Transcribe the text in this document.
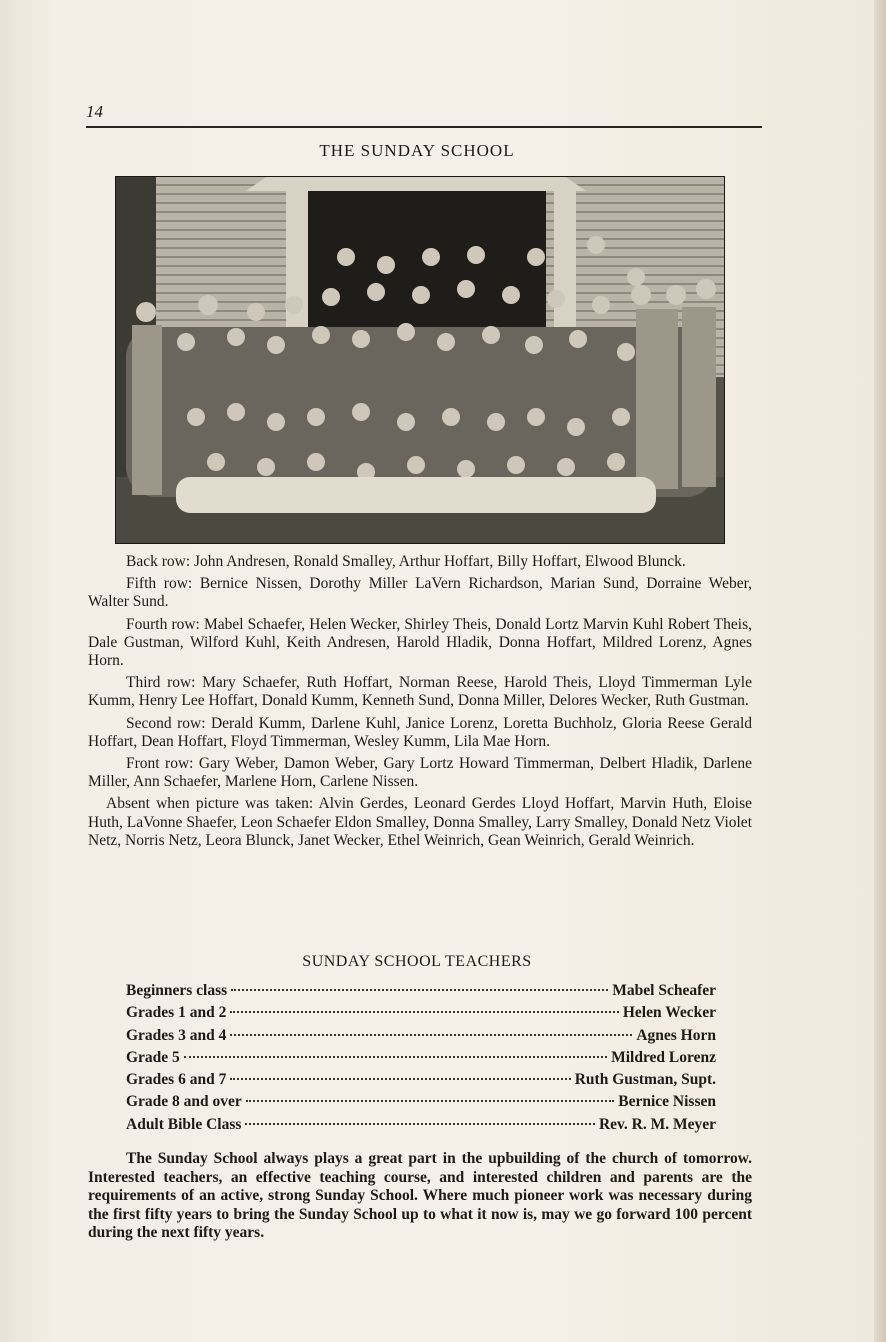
14
THE SUNDAY SCHOOL

Back row: John Andresen, Ronald Smalley, Arthur Hoffart, Billy Hoffart, Elwood Blunck.

Fifth row: Bernice Nissen, Dorothy Miller LaVern Richardson, Marian Sund, Dorraine Weber, Walter Sund.

Fourth row: Mabel Schaefer, Helen Wecker, Shirley Theis, Donald Lortz Marvin Kuhl Robert Theis, Dale Gustman, Wilford Kuhl, Keith Andresen, Harold Hladik, Donna Hoffart, Mildred Lorenz, Agnes Horn.

Third row: Mary Schaefer, Ruth Hoffart, Norman Reese, Harold Theis, Lloyd Timmerman Lyle Kumm, Henry Lee Hoffart, Donald Kumm, Kenneth Sund, Donna Miller, Delores Wecker, Ruth Gustman.

Second row: Derald Kumm, Darlene Kuhl, Janice Lorenz, Loretta Buchholz, Gloria Reese Gerald Hoffart, Dean Hoffart, Floyd Timmerman, Wesley Kumm, Lila Mae Horn.

Front row: Gary Weber, Damon Weber, Gary Lortz Howard Timmerman, Delbert Hladik, Darlene Miller, Ann Schaefer, Marlene Horn, Carlene Nissen.

Absent when picture was taken: Alvin Gerdes, Leonard Gerdes Lloyd Hoffart, Marvin Huth, Eloise Huth, LaVonne Shaefer, Leon Schaefer Eldon Smalley, Donna Smalley, Larry Smalley, Donald Netz Violet Netz, Norris Netz, Leora Blunck, Janet Wecker, Ethel Weinrich, Gean Weinrich, Gerald Weinrich.

SUNDAY SCHOOL TEACHERS
Beginners class	Mabel Scheafer
Grades 1 and 2	Helen Wecker
Grades 3 and 4	Agnes Horn
Grade 5	Mildred Lorenz
Grades 6 and 7	Ruth Gustman, Supt.
Grade 8 and over	Bernice Nissen
Adult Bible Class	Rev. R. M. Meyer

The Sunday School always plays a great part in the upbuilding of the church of tomorrow. Interested teachers, an effective teaching course, and interested children and parents are the requirements of an active, strong Sunday School. Where much pioneer work was necessary during the first fifty years to bring the Sunday School up to what it now is, may we go forward 100 percent during the next fifty years.
